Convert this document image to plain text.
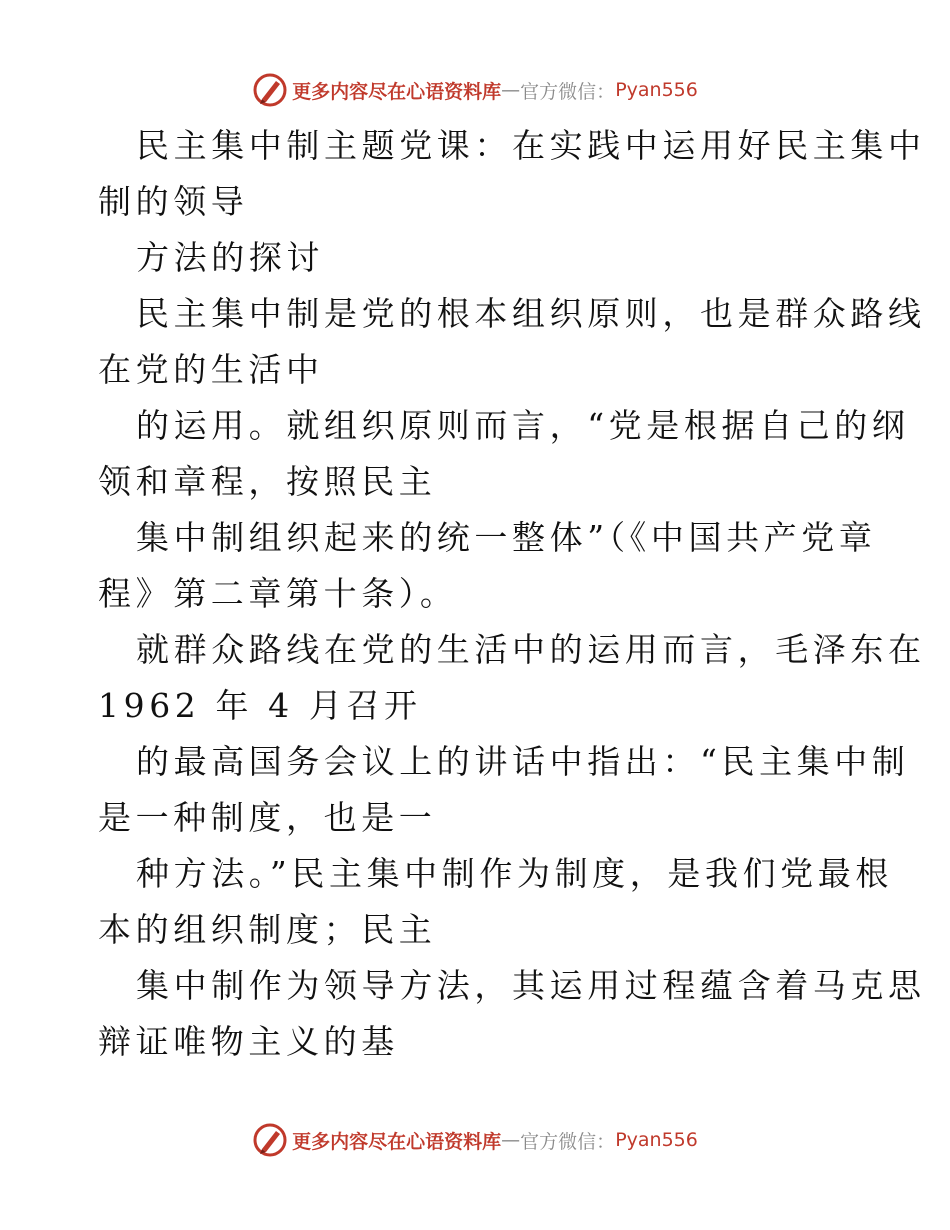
更多内容尽在心语资料库 — 官方微信： Pyan556

民主集中制主题党课：在实践中运用好民主集中

制的领导

方法的探讨

民主集中制是党的根本组织原则，也是群众路线

在党的生活中

的运用。就组织原则而言，“党是根据自己的纲

领和章程，按照民主

集中制组织起来的统一整体”（《中国共产党章

程》第二章第十条）。

就群众路线在党的生活中的运用而言，毛泽东在

1962 年 4 月召开

的最高国务会议上的讲话中指出：“民主集中制

是一种制度，也是一

种方法。”民主集中制作为制度，是我们党最根

本的组织制度；民主

集中制作为领导方法，其运用过程蕴含着马克思

辩证唯物主义的基

更多内容尽在心语资料库 — 官方微信： Pyan556
